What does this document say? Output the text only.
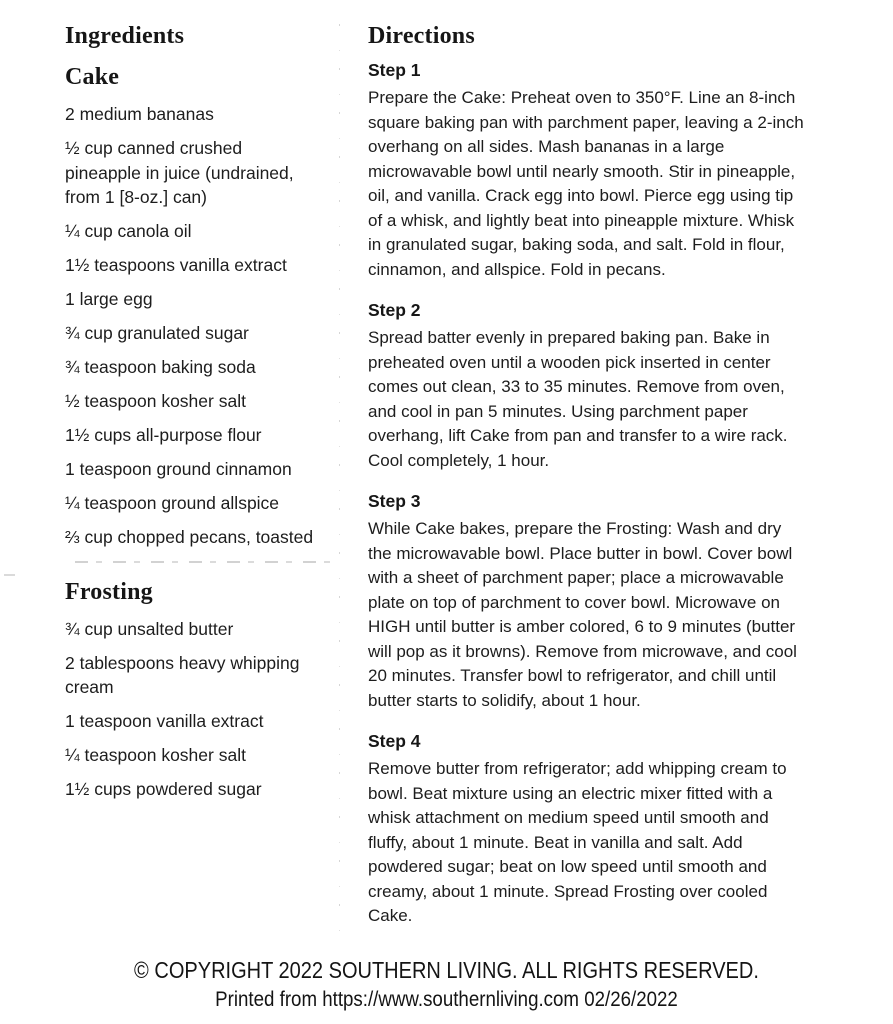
Ingredients
Cake

2 medium bananas

½ cup canned crushed pineapple in juice (undrained, from 1 [8-oz.] can)

¼ cup canola oil

1½ teaspoons vanilla extract

1 large egg

¾ cup granulated sugar

¾ teaspoon baking soda

½ teaspoon kosher salt

1½ cups all-purpose flour

1 teaspoon ground cinnamon

¼ teaspoon ground allspice

⅔ cup chopped pecans, toasted

Frosting

¾ cup unsalted butter

2 tablespoons heavy whipping cream

1 teaspoon vanilla extract

¼ teaspoon kosher salt

1½ cups powdered sugar

Directions
Step 1

Prepare the Cake: Preheat oven to 350°F. Line an 8-inch square baking pan with parchment paper, leaving a 2-inch overhang on all sides. Mash bananas in a large microwavable bowl until nearly smooth. Stir in pineapple, oil, and vanilla. Crack egg into bowl. Pierce egg using tip of a whisk, and lightly beat into pineapple mixture. Whisk in granulated sugar, baking soda, and salt. Fold in flour, cinnamon, and allspice. Fold in pecans.

Step 2

Spread batter evenly in prepared baking pan. Bake in preheated oven until a wooden pick inserted in center comes out clean, 33 to 35 minutes. Remove from oven, and cool in pan 5 minutes. Using parchment paper overhang, lift Cake from pan and transfer to a wire rack. Cool completely, 1 hour.

Step 3

While Cake bakes, prepare the Frosting: Wash and dry the microwavable bowl. Place butter in bowl. Cover bowl with a sheet of parchment paper; place a microwavable plate on top of parchment to cover bowl. Microwave on HIGH until butter is amber colored, 6 to 9 minutes (butter will pop as it browns). Remove from microwave, and cool 20 minutes. Transfer bowl to refrigerator, and chill until butter starts to solidify, about 1 hour.

Step 4

Remove butter from refrigerator; add whipping cream to bowl. Beat mixture using an electric mixer fitted with a whisk attachment on medium speed until smooth and fluffy, about 1 minute. Beat in vanilla and salt. Add powdered sugar; beat on low speed until smooth and creamy, about 1 minute. Spread Frosting over cooled Cake.

© COPYRIGHT 2022 SOUTHERN LIVING. ALL RIGHTS RESERVED.
Printed from https://www.southernliving.com 02/26/2022
